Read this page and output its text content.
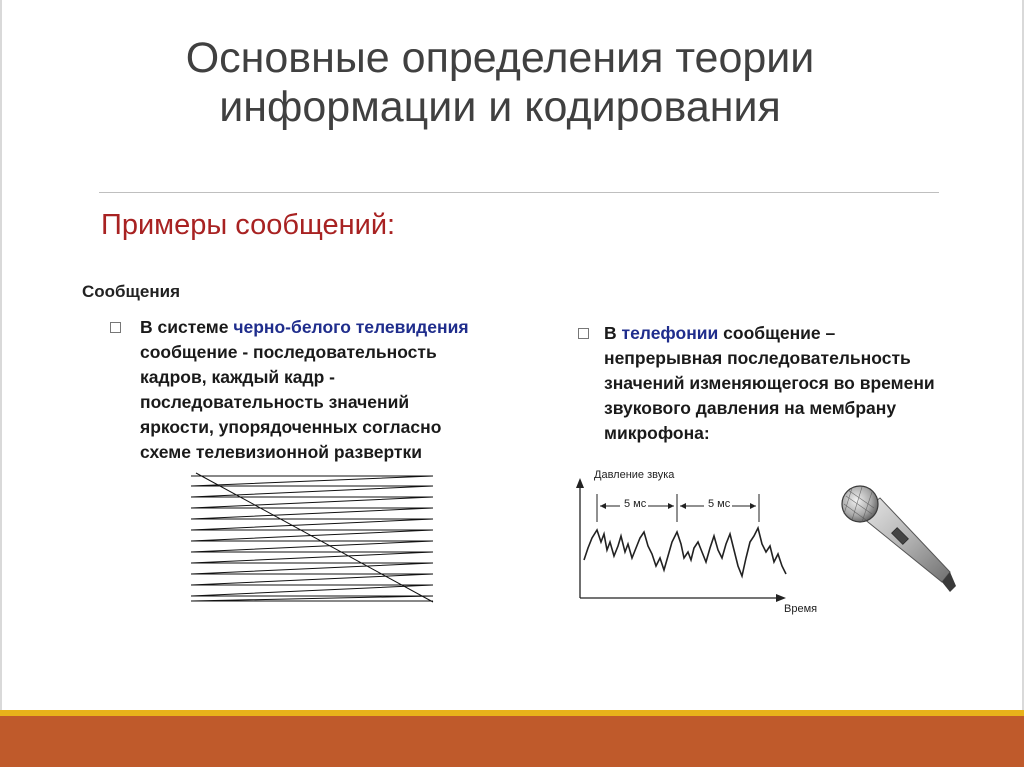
Основные определения теории
информации и кодирования
Примеры сообщений:
Сообщения
В системе черно-белого телевидения
сообщение - последовательность
кадров, каждый кадр -
последовательность значений
яркости, упорядоченных согласно
схеме телевизионной развертки
В телефонии сообщение –
непрерывная последовательность
значений изменяющегося во времени
звукового давления на мембрану
микрофона:
Давление звука
Время
5 мс	5 мс
